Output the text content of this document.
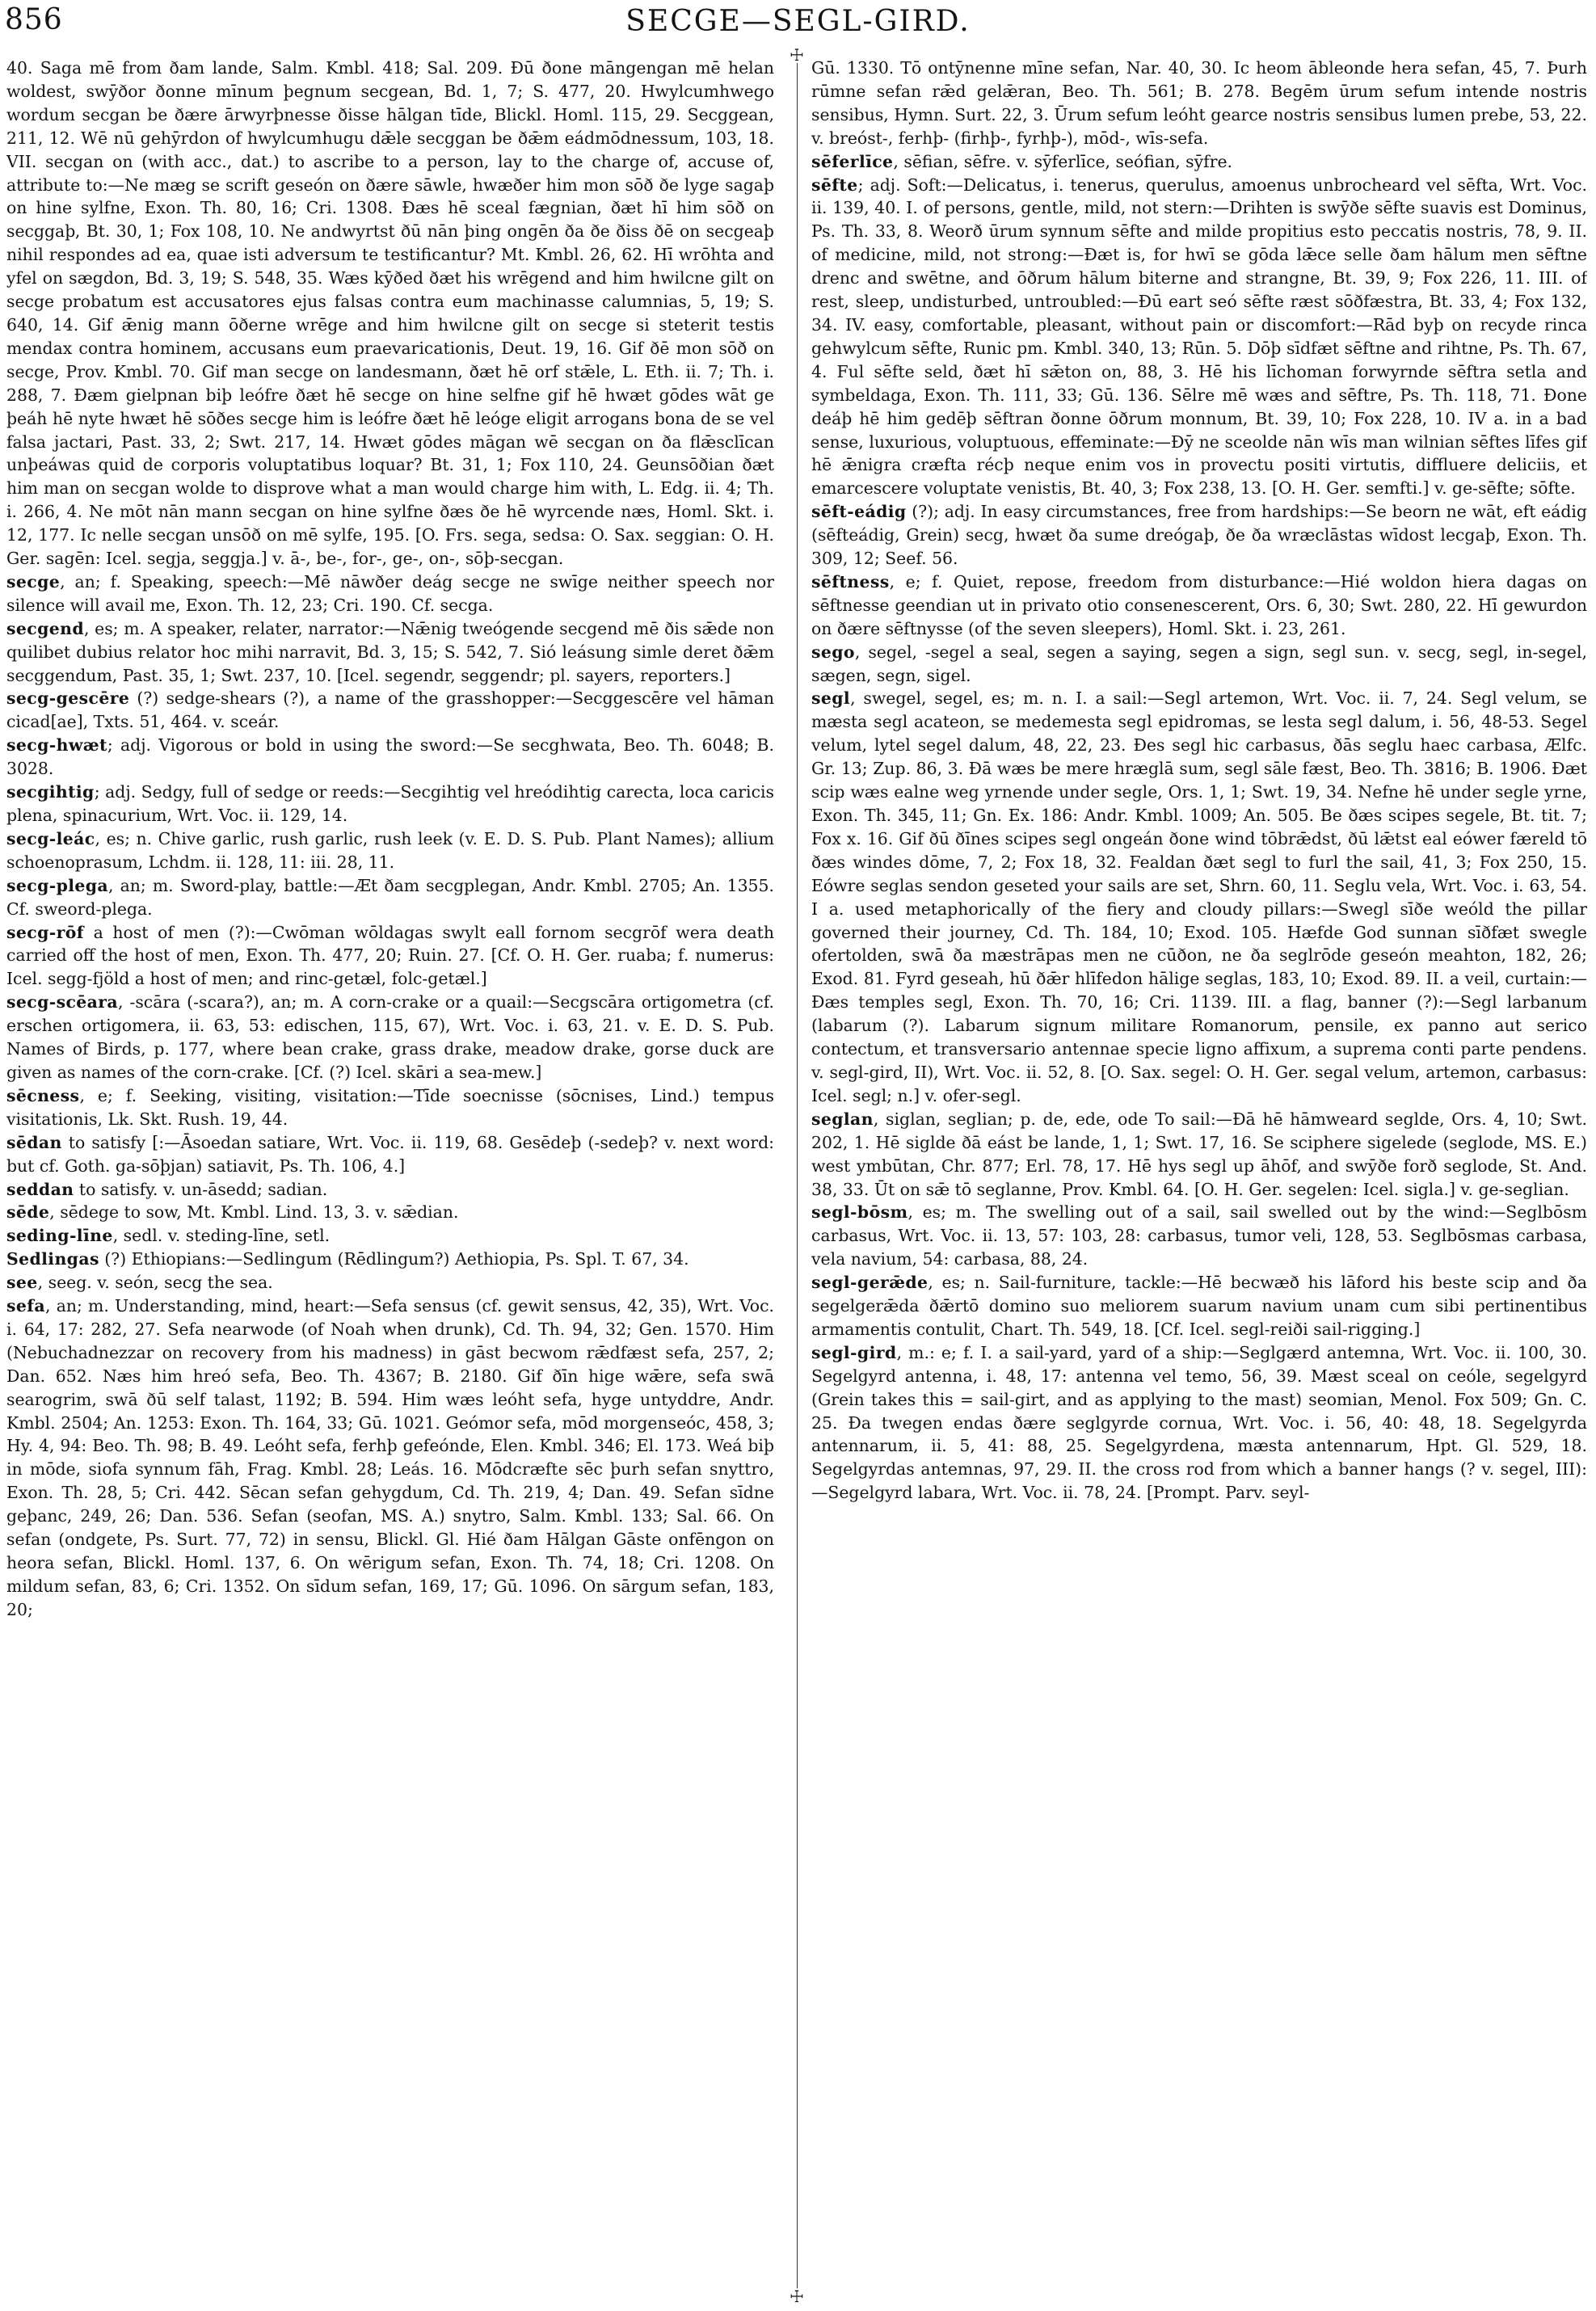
856	SECGE—SEGL-GIRD.
☩
☩

40. Saga mē from ðam lande, Salm. Kmbl. 418; Sal. 209. Ðū ðone māngengan mē helan woldest, swȳðor ðonne mīnum þegnum secgean, Bd. 1, 7; S. 477, 20. Hwylcumhwego wordum secgan be ðære ārwyrþnesse ðisse hālgan tīde, Blickl. Homl. 115, 29. Secggean, 211, 12. Wē nū gehȳrdon of hwylcumhugu dǣle secggan be ðǣm eádmōdnessum, 103, 18. VII. secgan on (with acc., dat.) to ascribe to a person, lay to the charge of, accuse of, attribute to:—Ne mæg se scrift geseón on ðære sāwle, hwæðer him mon sōð ðe lyge sagaþ on hine sylfne, Exon. Th. 80, 16; Cri. 1308. Ðæs hē sceal fægnian, ðæt hī him sōð on secggaþ, Bt. 30, 1; Fox 108, 10. Ne andwyrtst ðū nān þing ongēn ða ðe ðiss ðē on secgeaþ nihil respondes ad ea, quae isti adversum te testificantur? Mt. Kmbl. 26, 62. Hī wrōhta and yfel on sægdon, Bd. 3, 19; S. 548, 35. Wæs kȳðed ðæt his wrēgend and him hwilcne gilt on secge probatum est accusatores ejus falsas contra eum machinasse calumnias, 5, 19; S. 640, 14. Gif ǣnig mann ōðerne wrēge and him hwilcne gilt on secge si steterit testis mendax contra hominem, accusans eum praevaricationis, Deut. 19, 16. Gif ðē mon sōð on secge, Prov. Kmbl. 70. Gif man secge on landesmann, ðæt hē orf stǣle, L. Eth. ii. 7; Th. i. 288, 7. Ðæm gielpnan biþ leófre ðæt hē secge on hine selfne gif hē hwæt gōdes wāt ge þeáh hē nyte hwæt hē sōðes secge him is leófre ðæt hē leóge eligit arrogans bona de se vel falsa jactari, Past. 33, 2; Swt. 217, 14. Hwæt gōdes māgan wē secgan on ða flǣsclīcan unþeáwas quid de corporis voluptatibus loquar? Bt. 31, 1; Fox 110, 24. Geunsōðian ðæt him man on secgan wolde to disprove what a man would charge him with, L. Edg. ii. 4; Th. i. 266, 4. Ne mōt nān mann secgan on hine sylfne ðæs ðe hē wyrcende næs, Homl. Skt. i. 12, 177. Ic nelle secgan unsōð on mē sylfe, 195. [O. Frs. sega, sedsa: O. Sax. seggian: O. H. Ger. sagēn: Icel. segja, seggja.] v. ā-, be-, for-, ge-, on-, sōþ-secgan.

secge, an; f. Speaking, speech:—Mē nāwðer deág secge ne swīge neither speech nor silence will avail me, Exon. Th. 12, 23; Cri. 190. Cf. secga.

secgend, es; m. A speaker, relater, narrator:—Nǣnig tweógende secgend mē ðis sǣde non quilibet dubius relator hoc mihi narravit, Bd. 3, 15; S. 542, 7. Sió leásung simle deret ðǣm secggendum, Past. 35, 1; Swt. 237, 10. [Icel. segendr, seggendr; pl. sayers, reporters.]

secg-gescēre (?) sedge-shears (?), a name of the grasshopper:—Secggescēre vel hāman cicad[ae], Txts. 51, 464. v. sceár.

secg-hwæt; adj. Vigorous or bold in using the sword:—Se secghwata, Beo. Th. 6048; B. 3028.

secgihtig; adj. Sedgy, full of sedge or reeds:—Secgihtig vel hreódihtig carecta, loca caricis plena, spinacurium, Wrt. Voc. ii. 129, 14.

secg-leác, es; n. Chive garlic, rush garlic, rush leek (v. E. D. S. Pub. Plant Names); allium schoenoprasum, Lchdm. ii. 128, 11: iii. 28, 11.

secg-plega, an; m. Sword-play, battle:—Æt ðam secgplegan, Andr. Kmbl. 2705; An. 1355. Cf. sweord-plega.

secg-rōf a host of men (?):—Cwōman wōldagas swylt eall fornom secgrōf wera death carried off the host of men, Exon. Th. 477, 20; Ruin. 27. [Cf. O. H. Ger. ruaba; f. numerus: Icel. segg-fjöld a host of men; and rinc-getæl, folc-getæl.]

secg-scēara, -scāra (-scara?), an; m. A corn-crake or a quail:—Secgscāra ortigometra (cf. erschen ortigomera, ii. 63, 53: edischen, 115, 67), Wrt. Voc. i. 63, 21. v. E. D. S. Pub. Names of Birds, p. 177, where bean crake, grass drake, meadow drake, gorse duck are given as names of the corn-crake. [Cf. (?) Icel. skāri a sea-mew.]

sēcness, e; f. Seeking, visiting, visitation:—Tīde soecnisse (sōcnises, Lind.) tempus visitationis, Lk. Skt. Rush. 19, 44.

sēdan to satisfy [:—Āsoedan satiare, Wrt. Voc. ii. 119, 68. Gesēdeþ (-sedeþ? v. next word: but cf. Goth. ga-sōþjan) satiavit, Ps. Th. 106, 4.]

seddan to satisfy. v. un-āsedd; sadian.

sēde, sēdege to sow, Mt. Kmbl. Lind. 13, 3. v. sǣdian.

seding-līne, sedl. v. steding-līne, setl.

Sedlingas (?) Ethiopians:—Sedlingum (Rēdlingum?) Aethiopia, Ps. Spl. T. 67, 34.

see, seeg. v. seón, secg the sea.

sefa, an; m. Understanding, mind, heart:—Sefa sensus (cf. gewit sensus, 42, 35), Wrt. Voc. i. 64, 17: 282, 27. Sefa nearwode (of Noah when drunk), Cd. Th. 94, 32; Gen. 1570. Him (Nebuchadnezzar on recovery from his madness) in gāst becwom rǣdfæst sefa, 257, 2; Dan. 652. Næs him hreó sefa, Beo. Th. 4367; B. 2180. Gif ðīn hige wǣre, sefa swā searogrim, swā ðū self talast, 1192; B. 594. Him wæs leóht sefa, hyge untyddre, Andr. Kmbl. 2504; An. 1253: Exon. Th. 164, 33; Gū. 1021. Geómor sefa, mōd morgenseóc, 458, 3; Hy. 4, 94: Beo. Th. 98; B. 49. Leóht sefa, ferhþ gefeónde, Elen. Kmbl. 346; El. 173. Weá biþ in mōde, siofa synnum fāh, Frag. Kmbl. 28; Leás. 16. Mōdcræfte sēc þurh sefan snyttro, Exon. Th. 28, 5; Cri. 442. Sēcan sefan gehygdum, Cd. Th. 219, 4; Dan. 49. Sefan sīdne geþanc, 249, 26; Dan. 536. Sefan (seofan, MS. A.) snytro, Salm. Kmbl. 133; Sal. 66. On sefan (ondgete, Ps. Surt. 77, 72) in sensu, Blickl. Gl. Hié ðam Hālgan Gāste onfēngon on heora sefan, Blickl. Homl. 137, 6. On wērigum sefan, Exon. Th. 74, 18; Cri. 1208. On mildum sefan, 83, 6; Cri. 1352. On sīdum sefan, 169, 17; Gū. 1096. On sārgum sefan, 183, 20;

Gū. 1330. Tō ontȳnenne mīne sefan, Nar. 40, 30. Ic heom ābleonde hera sefan, 45, 7. Þurh rūmne sefan rǣd gelǣran, Beo. Th. 561; B. 278. Begēm ūrum sefum intende nostris sensibus, Hymn. Surt. 22, 3. Ūrum sefum leóht gearce nostris sensibus lumen prebe, 53, 22. v. breóst-, ferhþ- (firhþ-, fyrhþ-), mōd-, wīs-sefa.

sēferlīce, sēfian, sēfre. v. sȳferlīce, seófian, sȳfre.

sēfte; adj. Soft:—Delicatus, i. tenerus, querulus, amoenus unbrocheard vel sēfta, Wrt. Voc. ii. 139, 40. I. of persons, gentle, mild, not stern:—Drihten is swȳðe sēfte suavis est Dominus, Ps. Th. 33, 8. Weorð ūrum synnum sēfte and milde propitius esto peccatis nostris, 78, 9. II. of medicine, mild, not strong:—Ðæt is, for hwī se gōda lǣce selle ðam hālum men sēftne drenc and swētne, and ōðrum hālum biterne and strangne, Bt. 39, 9; Fox 226, 11. III. of rest, sleep, undisturbed, untroubled:—Ðū eart seó sēfte ræst sōðfæstra, Bt. 33, 4; Fox 132, 34. IV. easy, comfortable, pleasant, without pain or discomfort:—Rād byþ on recyde rinca gehwylcum sēfte, Runic pm. Kmbl. 340, 13; Rūn. 5. Dōþ sīdfæt sēftne and rihtne, Ps. Th. 67, 4. Ful sēfte seld, ðæt hī sǣton on, 88, 3. Hē his līchoman forwyrnde sēftra setla and symbeldaga, Exon. Th. 111, 33; Gū. 136. Sēlre mē wæs and sēftre, Ps. Th. 118, 71. Ðone deáþ hē him gedēþ sēftran ðonne ōðrum monnum, Bt. 39, 10; Fox 228, 10. IV a. in a bad sense, luxurious, voluptuous, effeminate:—Ðȳ ne sceolde nān wīs man wilnian sēftes līfes gif hē ǣnigra cræfta récþ neque enim vos in provectu positi virtutis, diffluere deliciis, et emarcescere voluptate venistis, Bt. 40, 3; Fox 238, 13. [O. H. Ger. semfti.] v. ge-sēfte; sōfte.

sēft-eádig (?); adj. In easy circumstances, free from hardships:—Se beorn ne wāt, eft eádig (sēfteádig, Grein) secg, hwæt ða sume dreógaþ, ðe ða wræclāstas wīdost lecgaþ, Exon. Th. 309, 12; Seef. 56.

sēftness, e; f. Quiet, repose, freedom from disturbance:—Hié woldon hiera dagas on sēftnesse geendian ut in privato otio consenescerent, Ors. 6, 30; Swt. 280, 22. Hī gewurdon on ðære sēftnysse (of the seven sleepers), Homl. Skt. i. 23, 261.

sego, segel, -segel a seal, segen a saying, segen a sign, segl sun. v. secg, segl, in-segel, sægen, segn, sigel.

segl, swegel, segel, es; m. n. I. a sail:—Segl artemon, Wrt. Voc. ii. 7, 24. Segl velum, se mæsta segl acateon, se medemesta segl epidromas, se lesta segl dalum, i. 56, 48-53. Segel velum, lytel segel dalum, 48, 22, 23. Ðes segl hic carbasus, ðās seglu haec carbasa, Ælfc. Gr. 13; Zup. 86, 3. Ðā wæs be mere hræglā sum, segl sāle fæst, Beo. Th. 3816; B. 1906. Ðæt scip wæs ealne weg yrnende under segle, Ors. 1, 1; Swt. 19, 34. Nefne hē under segle yrne, Exon. Th. 345, 11; Gn. Ex. 186: Andr. Kmbl. 1009; An. 505. Be ðæs scipes segele, Bt. tit. 7; Fox x. 16. Gif ðū ðīnes scipes segl ongeán ðone wind tōbrǣdst, ðū lǣtst eal eówer færeld tō ðæs windes dōme, 7, 2; Fox 18, 32. Fealdan ðæt segl to furl the sail, 41, 3; Fox 250, 15. Eówre seglas sendon geseted your sails are set, Shrn. 60, 11. Seglu vela, Wrt. Voc. i. 63, 54. I a. used metaphorically of the fiery and cloudy pillars:—Swegl sīðe weóld the pillar governed their journey, Cd. Th. 184, 10; Exod. 105. Hæfde God sunnan sīðfæt swegle ofertolden, swā ða mæstrāpas men ne cūðon, ne ða seglrōde geseón meahton, 182, 26; Exod. 81. Fyrd geseah, hū ðǣr hlīfedon hālige seglas, 183, 10; Exod. 89. II. a veil, curtain:—Ðæs temples segl, Exon. Th. 70, 16; Cri. 1139. III. a flag, banner (?):—Segl larbanum (labarum (?). Labarum signum militare Romanorum, pensile, ex panno aut serico contectum, et transversario antennae specie ligno affixum, a suprema conti parte pendens. v. segl-gird, II), Wrt. Voc. ii. 52, 8. [O. Sax. segel: O. H. Ger. segal velum, artemon, carbasus: Icel. segl; n.] v. ofer-segl.

seglan, siglan, seglian; p. de, ede, ode To sail:—Ðā hē hāmweard seglde, Ors. 4, 10; Swt. 202, 1. Hē siglde ðā eást be lande, 1, 1; Swt. 17, 16. Se sciphere sigelede (seglode, MS. E.) west ymbūtan, Chr. 877; Erl. 78, 17. Hē hys segl up āhōf, and swȳðe forð seglode, St. And. 38, 33. Ūt on sǣ tō seglanne, Prov. Kmbl. 64. [O. H. Ger. segelen: Icel. sigla.] v. ge-seglian.

segl-bōsm, es; m. The swelling out of a sail, sail swelled out by the wind:—Seglbōsm carbasus, Wrt. Voc. ii. 13, 57: 103, 28: carbasus, tumor veli, 128, 53. Seglbōsmas carbasa, vela navium, 54: carbasa, 88, 24.

segl-gerǣde, es; n. Sail-furniture, tackle:—Hē becwæð his lāford his beste scip and ða segelgerǣda ðǣrtō domino suo meliorem suarum navium unam cum sibi pertinentibus armamentis contulit, Chart. Th. 549, 18. [Cf. Icel. segl-reiði sail-rigging.]

segl-gird, m.: e; f. I. a sail-yard, yard of a ship:—Seglgærd antemna, Wrt. Voc. ii. 100, 30. Segelgyrd antenna, i. 48, 17: antenna vel temo, 56, 39. Mæst sceal on ceóle, segelgyrd (Grein takes this = sail-girt, and as applying to the mast) seomian, Menol. Fox 509; Gn. C. 25. Ða twegen endas ðære seglgyrde cornua, Wrt. Voc. i. 56, 40: 48, 18. Segelgyrda antennarum, ii. 5, 41: 88, 25. Segelgyrdena, mæsta antennarum, Hpt. Gl. 529, 18. Segelgyrdas antemnas, 97, 29. II. the cross rod from which a banner hangs (? v. segel, III):—Segelgyrd labara, Wrt. Voc. ii. 78, 24. [Prompt. Parv. seyl-
